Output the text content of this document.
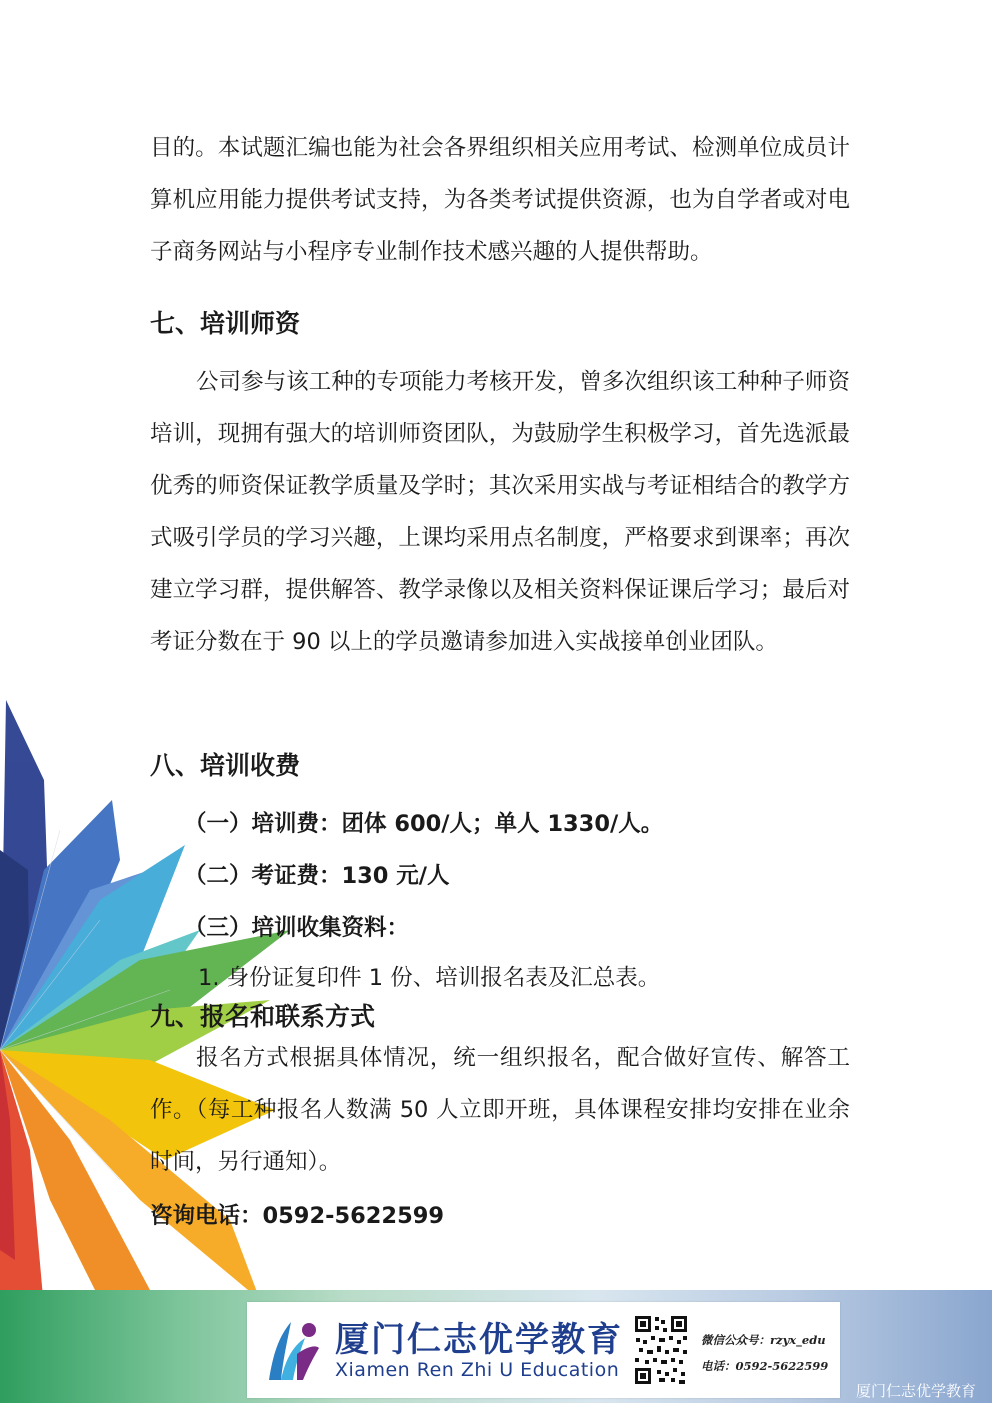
目的。本试题汇编也能为社会各界组织相关应用考试、检测单位成员计算机应用能力提供考试支持，为各类考试提供资源，也为自学者或对电子商务网站与小程序专业制作技术感兴趣的人提供帮助。

七、培训师资

公司参与该工种的专项能力考核开发，曾多次组织该工种种子师资培训，现拥有强大的培训师资团队，为鼓励学生积极学习，首先选派最优秀的师资保证教学质量及学时；其次采用实战与考证相结合的教学方式吸引学员的学习兴趣，上课均采用点名制度，严格要求到课率；再次建立学习群，提供解答、教学录像以及相关资料保证课后学习；最后对考证分数在于 90 以上的学员邀请参加进入实战接单创业团队。

八、培训收费

（一）培训费：团体 600/人；单人 1330/人。

（二）考证费：130 元/人

（三）培训收集资料：

1. 身份证复印件 1 份、培训报名表及汇总表。

九、报名和联系方式

报名方式根据具体情况，统一组织报名，配合做好宣传、解答工作。（每工种报名人数满 50 人立即开班，具体课程安排均安排在业余时间，另行通知）。

咨询电话：0592-5622599

厦门仁志优学教育

Xiamen Ren Zhi U Education

微信公众号：rzyx_edu

电话：0592-5622599

厦门仁志优学教育
